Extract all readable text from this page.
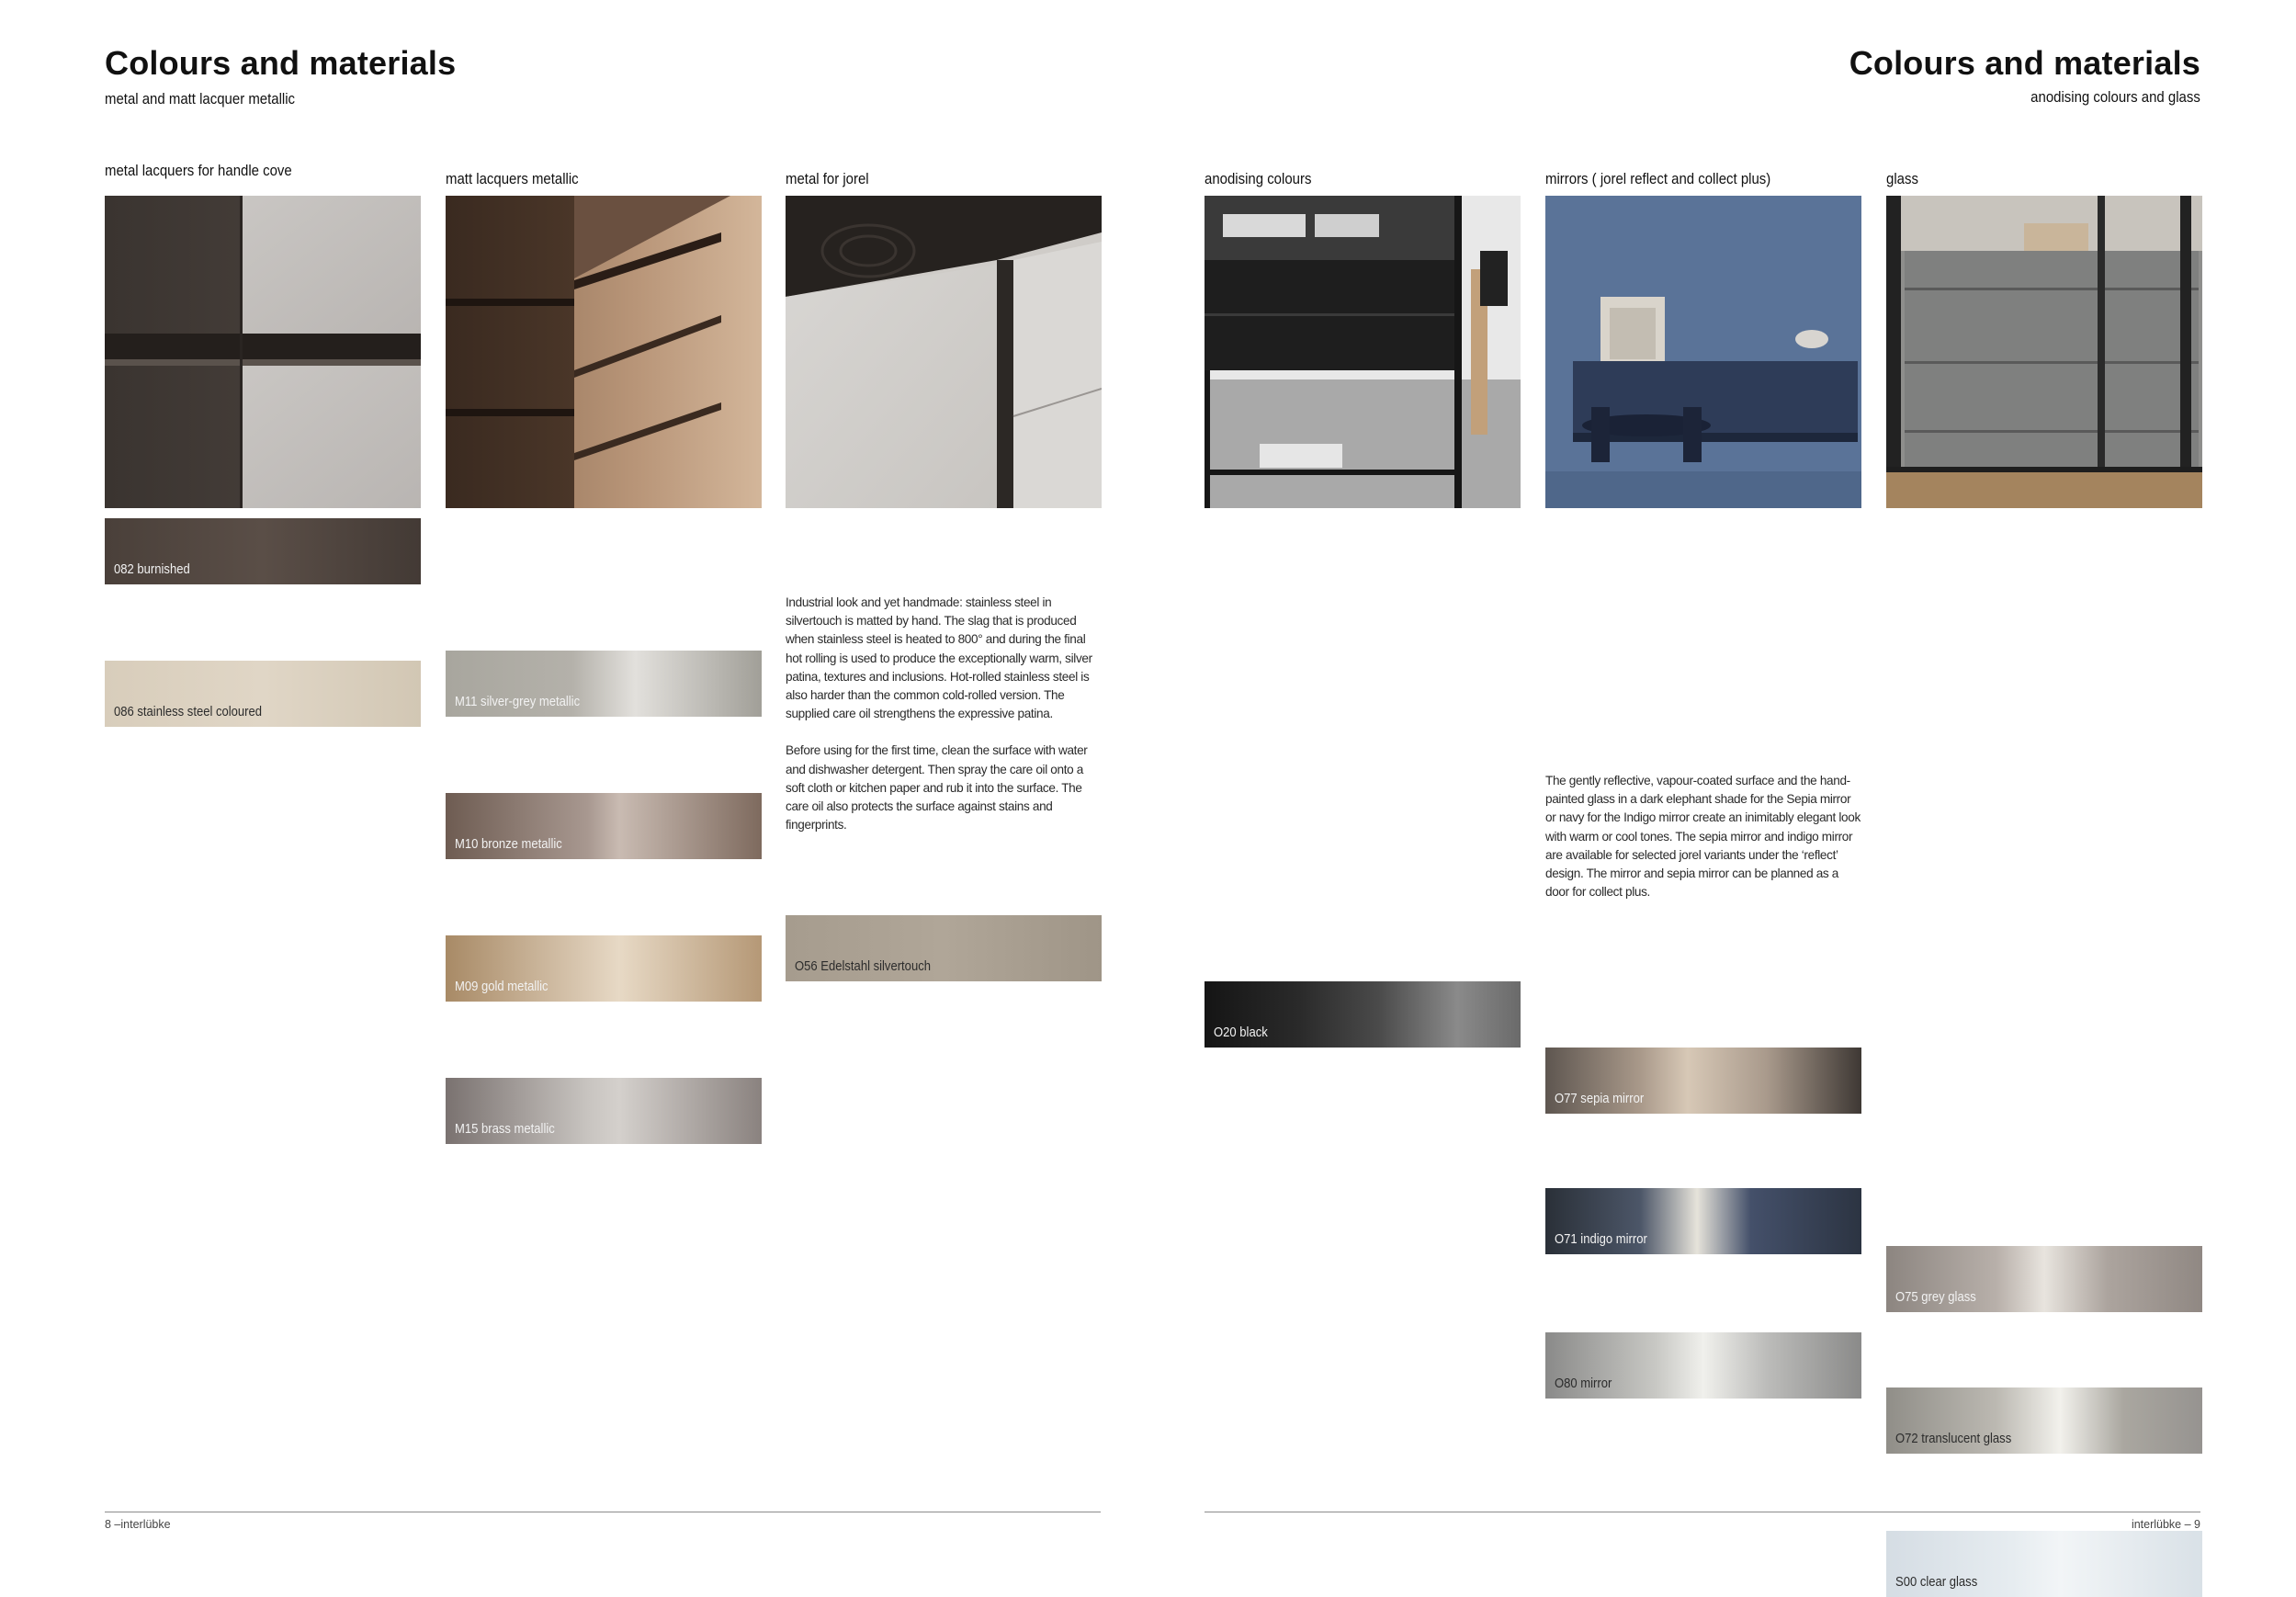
Colours and materials
metal and matt lacquer metallic
metal lacquers for handle cove
082 burnished
086 stainless steel coloured
matt lacquers metallic
M11 silver-grey metallic
M10 bronze metallic
M09 gold metallic
M15 brass metallic
metal for jorel
O56 Edelstahl silvertouch

Industrial look and yet handmade: stainless steel in silvertouch is matted by hand. The slag that is produced when stainless steel is heated to 800° and during the final hot rolling is used to produce the exceptionally warm, silver patina, textures and inclusions. Hot-rolled stainless steel is also harder than the common cold-rolled version. The supplied care oil strengthens the expressive patina.

Before using for the first time, clean the surface with water and dishwasher detergent. Then spray the care oil onto a soft cloth or kitchen paper and rub it into the surface. The care oil also protects the surface against stains and fingerprints.

8 –interlübke
Colours and materials
anodising colours and glass
anodising colours
O20 black
mirrors ( jorel reflect and collect plus)
O77 sepia mirror
O71 indigo mirror
O80 mirror

The gently reflective, vapour-coated surface and the hand-painted glass in a dark elephant shade for the Sepia mirror or navy for the Indigo mirror create an inimitably elegant look with warm or cool tones. The sepia mirror and indigo mirror are available for selected jorel variants under the ‘reflect’ design. The mirror and sepia mirror can be planned as a door for collect plus.

glass
O75 grey glass
O72 translucent glass
S00 clear glass
interlübke – 9
